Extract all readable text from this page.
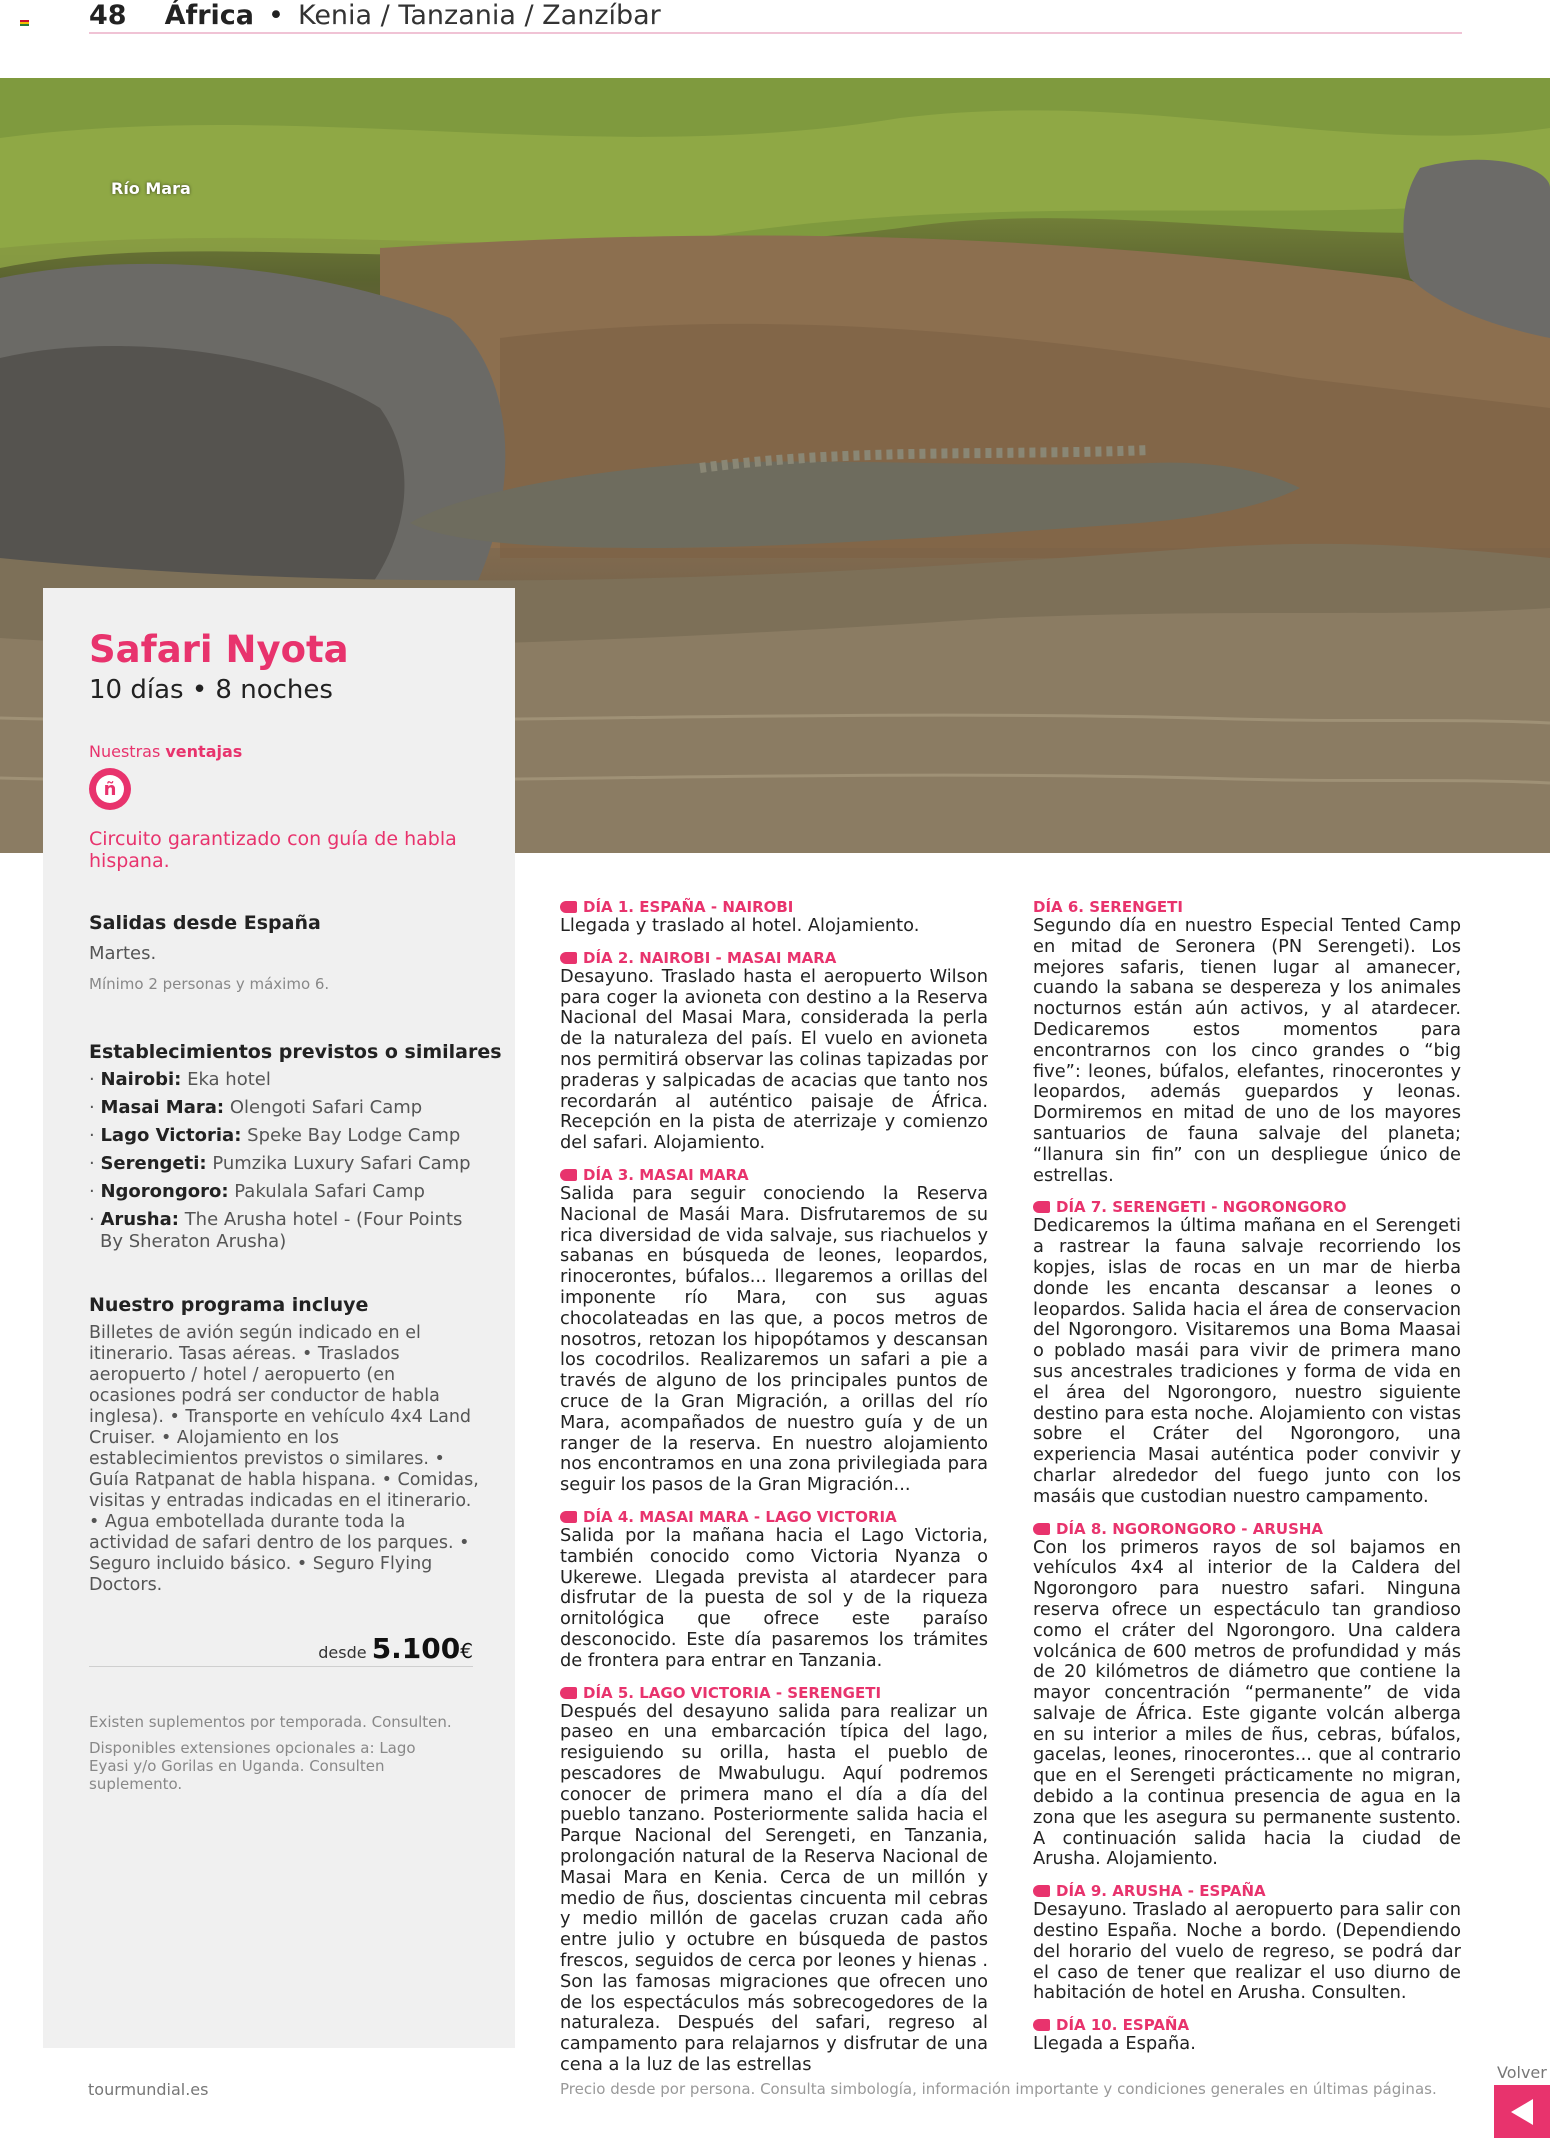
48 África • Kenia / Tanzania / Zanzíbar
Río Mara
Safari Nyota
10 días • 8 noches
Nuestras ventajas
ñ
Circuito garantizado con guía de habla hispana.
Salidas desde España
Martes.
Mínimo 2 personas y máximo 6.
Establecimientos previstos o similares
· Nairobi: Eka hotel
· Masai Mara: Olengoti Safari Camp
· Lago Victoria: Speke Bay Lodge Camp
· Serengeti: Pumzika Luxury Safari Camp
· Ngorongoro: Pakulala Safari Camp
· Arusha: The Arusha hotel - (Four Points By Sheraton Arusha)
Nuestro programa incluye
Billetes de avión según indicado en el itinerario. Tasas aéreas. • Traslados aeropuerto / hotel / aeropuerto (en ocasiones podrá ser conductor de habla inglesa). • Transporte en vehículo 4x4 Land Cruiser. • Alojamiento en los establecimientos previstos o similares. • Guía Ratpanat de habla hispana. • Comidas, visitas y entradas indicadas en el itinerario. • Agua embotellada durante toda la actividad de safari dentro de los parques. • Seguro incluido básico. • Seguro Flying Doctors.
desde 5.100€
Existen suplementos por temporada. Consulten.
Disponibles extensiones opcionales a: Lago Eyasi y/o Gorilas en Uganda. Consulten suplemento.
DÍA 1. ESPAÑA - NAIROBI

Llegada y traslado al hotel. Alojamiento.

DÍA 2. NAIROBI - MASAI MARA

Desayuno. Traslado hasta el aeropuerto Wilson para coger la avioneta con destino a la Reserva Nacional del Masai Mara, considerada la perla de la naturaleza del país. El vuelo en avioneta nos permitirá observar las colinas tapizadas por praderas y salpicadas de acacias que tanto nos recordarán al auténtico paisaje de África. Recepción en la pista de aterrizaje y comienzo del safari. Alojamiento.

DÍA 3. MASAI MARA

Salida para seguir conociendo la Reserva Nacional de Masái Mara. Disfrutaremos de su rica diversidad de vida salvaje, sus riachuelos y sabanas en búsqueda de leones, leopardos, rinocerontes, búfalos... llegaremos a orillas del imponente río Mara, con sus aguas chocolateadas en las que, a pocos metros de nosotros, retozan los hipopótamos y descansan los cocodrilos. Realizaremos un safari a pie a través de alguno de los principales puntos de cruce de la Gran Migración, a orillas del río Mara, acompañados de nuestro guía y de un ranger de la reserva. En nuestro alojamiento nos encontramos en una zona privilegiada para seguir los pasos de la Gran Migración...

DÍA 4. MASAI MARA - LAGO VICTORIA

Salida por la mañana hacia el Lago Victoria, también conocido como Victoria Nyanza o Ukerewe. Llegada prevista al atardecer para disfrutar de la puesta de sol y de la riqueza ornitológica que ofrece este paraíso desconocido. Este día pasaremos los trámites de frontera para entrar en Tanzania.

DÍA 5. LAGO VICTORIA - SERENGETI

Después del desayuno salida para realizar un paseo en una embarcación típica del lago, resiguiendo su orilla, hasta el pueblo de pescadores de Mwabulugu. Aquí podremos conocer de primera mano el día a día del pueblo tanzano. Posteriormente salida hacia el Parque Nacional del Serengeti, en Tanzania, prolongación natural de la Reserva Nacional de Masai Mara en Kenia. Cerca de un millón y medio de ñus, doscientas cincuenta mil cebras y medio millón de gacelas cruzan cada año entre julio y octubre en búsqueda de pastos frescos, seguidos de cerca por leones y hienas . Son las famosas migraciones que ofrecen uno de los espectáculos más sobrecogedores de la naturaleza. Después del safari, regreso al campamento para relajarnos y disfrutar de una cena a la luz de las estrellas

DÍA 6. SERENGETI

Segundo día en nuestro Especial Tented Camp en mitad de Seronera (PN Serengeti). Los mejores safaris, tienen lugar al amanecer, cuando la sabana se despereza y los animales nocturnos están aún activos, y al atardecer. Dedicaremos estos momentos para encontrarnos con los cinco grandes o “big five”: leones, búfalos, elefantes, rinocerontes y leopardos, además guepardos y leonas. Dormiremos en mitad de uno de los mayores santuarios de fauna salvaje del planeta; “llanura sin fin” con un despliegue único de estrellas.

DÍA 7. SERENGETI - NGORONGORO

Dedicaremos la última mañana en el Serengeti a rastrear la fauna salvaje recorriendo los kopjes, islas de rocas en un mar de hierba donde les encanta descansar a leones o leopardos. Salida hacia el área de conservacion del Ngorongoro. Visitaremos una Boma Maasai o poblado masái para vivir de primera mano sus ancestrales tradiciones y forma de vida en el área del Ngorongoro, nuestro siguiente destino para esta noche. Alojamiento con vistas sobre el Cráter del Ngorongoro, una experiencia Masai auténtica poder convivir y charlar alrededor del fuego junto con los masáis que custodian nuestro campamento.

DÍA 8. NGORONGORO - ARUSHA

Con los primeros rayos de sol bajamos en vehículos 4x4 al interior de la Caldera del Ngorongoro para nuestro safari. Ninguna reserva ofrece un espectáculo tan grandioso como el cráter del Ngorongoro. Una caldera volcánica de 600 metros de profundidad y más de 20 kilómetros de diámetro que contiene la mayor concentración “permanente” de vida salvaje de África. Este gigante volcán alberga en su interior a miles de ñus, cebras, búfalos, gacelas, leones, rinocerontes... que al contrario que en el Serengeti prácticamente no migran, debido a la continua presencia de agua en la zona que les asegura su permanente sustento. A continuación salida hacia la ciudad de Arusha. Alojamiento.

DÍA 9. ARUSHA - ESPAÑA

Desayuno. Traslado al aeropuerto para salir con destino España. Noche a bordo. (Dependiendo del horario del vuelo de regreso, se podrá dar el caso de tener que realizar el uso diurno de habitación de hotel en Arusha. Consulten.

DÍA 10. ESPAÑA

Llegada a España.

tourmundial.es	Precio desde por persona. Consulta simbología, información importante y condiciones generales en últimas páginas.
Volver
